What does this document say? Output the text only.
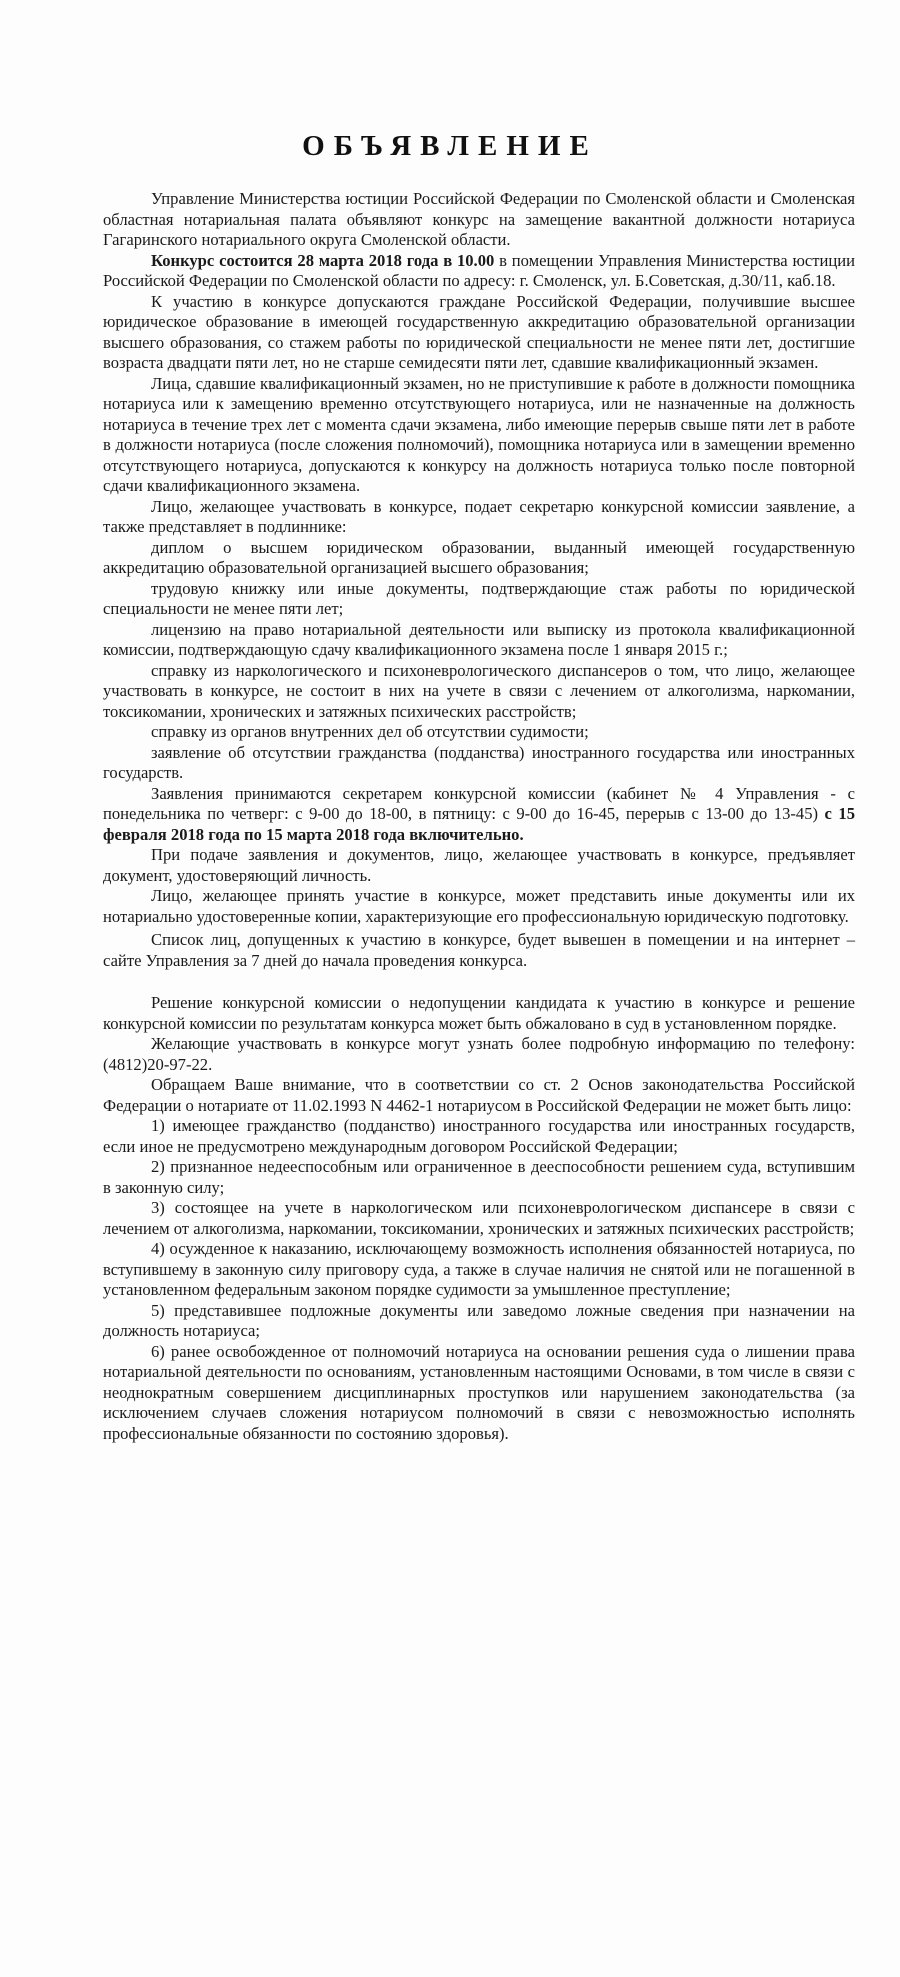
ОБЪЯВЛЕНИЕ

Управление Министерства юстиции Российской Федерации по Смоленской области и Смоленская областная нотариальная палата объявляют конкурс на замещение вакантной должности нотариуса Гагаринского нотариального округа Смоленской области.

Конкурс состоится 28 марта 2018 года в 10.00 в помещении Управления Министерства юстиции Российской Федерации по Смоленской области по адресу: г. Смоленск, ул. Б.Советская, д.30/11, каб.18.

К участию в конкурсе допускаются граждане Российской Федерации, получившие высшее юридическое образование в имеющей государственную аккредитацию образовательной организации высшего образования, со стажем работы по юридической специальности не менее пяти лет, достигшие возраста двадцати пяти лет, но не старше семидесяти пяти лет, сдавшие квалификационный экзамен.

Лица, сдавшие квалификационный экзамен, но не приступившие к работе в должности помощника нотариуса или к замещению временно отсутствующего нотариуса, или не назначенные на должность нотариуса в течение трех лет с момента сдачи экзамена, либо имеющие перерыв свыше пяти лет в работе в должности нотариуса (после сложения полномочий), помощника нотариуса или в замещении временно отсутствующего нотариуса, допускаются к конкурсу на должность нотариуса только после повторной сдачи квалификационного экзамена.

Лицо, желающее участвовать в конкурсе, подает секретарю конкурсной комиссии заявление, а также представляет в подлиннике:

диплом о высшем юридическом образовании, выданный имеющей государственную аккредитацию образовательной организацией высшего образования;

трудовую книжку или иные документы, подтверждающие стаж работы по юридической специальности не менее пяти лет;

лицензию на право нотариальной деятельности или выписку из протокола квалификационной комиссии, подтверждающую сдачу квалификационного экзамена после 1 января 2015 г.;

справку из наркологического и психоневрологического диспансеров о том, что лицо, желающее участвовать в конкурсе, не состоит в них на учете в связи с лечением от алкоголизма, наркомании, токсикомании, хронических и затяжных психических расстройств;

справку из органов внутренних дел об отсутствии судимости;

заявление об отсутствии гражданства (подданства) иностранного государства или иностранных государств.

Заявления принимаются секретарем конкурсной комиссии (кабинет № 4 Управления - с понедельника по четверг: с 9-00 до 18-00, в пятницу: с 9-00 до 16-45, перерыв с 13-00 до 13-45) с 15 февраля 2018 года по 15 марта 2018 года включительно.

При подаче заявления и документов, лицо, желающее участвовать в конкурсе, предъявляет документ, удостоверяющий личность.

Лицо, желающее принять участие в конкурсе, может представить иные документы или их нотариально удостоверенные копии, характеризующие его профессиональную юридическую подготовку.

Список лиц, допущенных к участию в конкурсе, будет вывешен в помещении и на интернет – сайте Управления за 7 дней до начала проведения конкурса.

Решение конкурсной комиссии о недопущении кандидата к участию в конкурсе и решение конкурсной комиссии по результатам конкурса может быть обжаловано в суд в установленном порядке.

Желающие участвовать в конкурсе могут узнать более подробную информацию по телефону: (4812)20-97-22.

Обращаем Ваше внимание, что в соответствии со ст. 2 Основ законодательства Российской Федерации о нотариате от 11.02.1993 N 4462-1 нотариусом в Российской Федерации не может быть лицо:

1) имеющее гражданство (подданство) иностранного государства или иностранных государств, если иное не предусмотрено международным договором Российской Федерации;

2) признанное недееспособным или ограниченное в дееспособности решением суда, вступившим в законную силу;

3) состоящее на учете в наркологическом или психоневрологическом диспансере в связи с лечением от алкоголизма, наркомании, токсикомании, хронических и затяжных психических расстройств;

4) осужденное к наказанию, исключающему возможность исполнения обязанностей нотариуса, по вступившему в законную силу приговору суда, а также в случае наличия не снятой или не погашенной в установленном федеральным законом порядке судимости за умышленное преступление;

5) представившее подложные документы или заведомо ложные сведения при назначении на должность нотариуса;

6) ранее освобожденное от полномочий нотариуса на основании решения суда о лишении права нотариальной деятельности по основаниям, установленным настоящими Основами, в том числе в связи с неоднократным совершением дисциплинарных проступков или нарушением законодательства (за исключением случаев сложения нотариусом полномочий в связи с невозможностью исполнять профессиональные обязанности по состоянию здоровья).
